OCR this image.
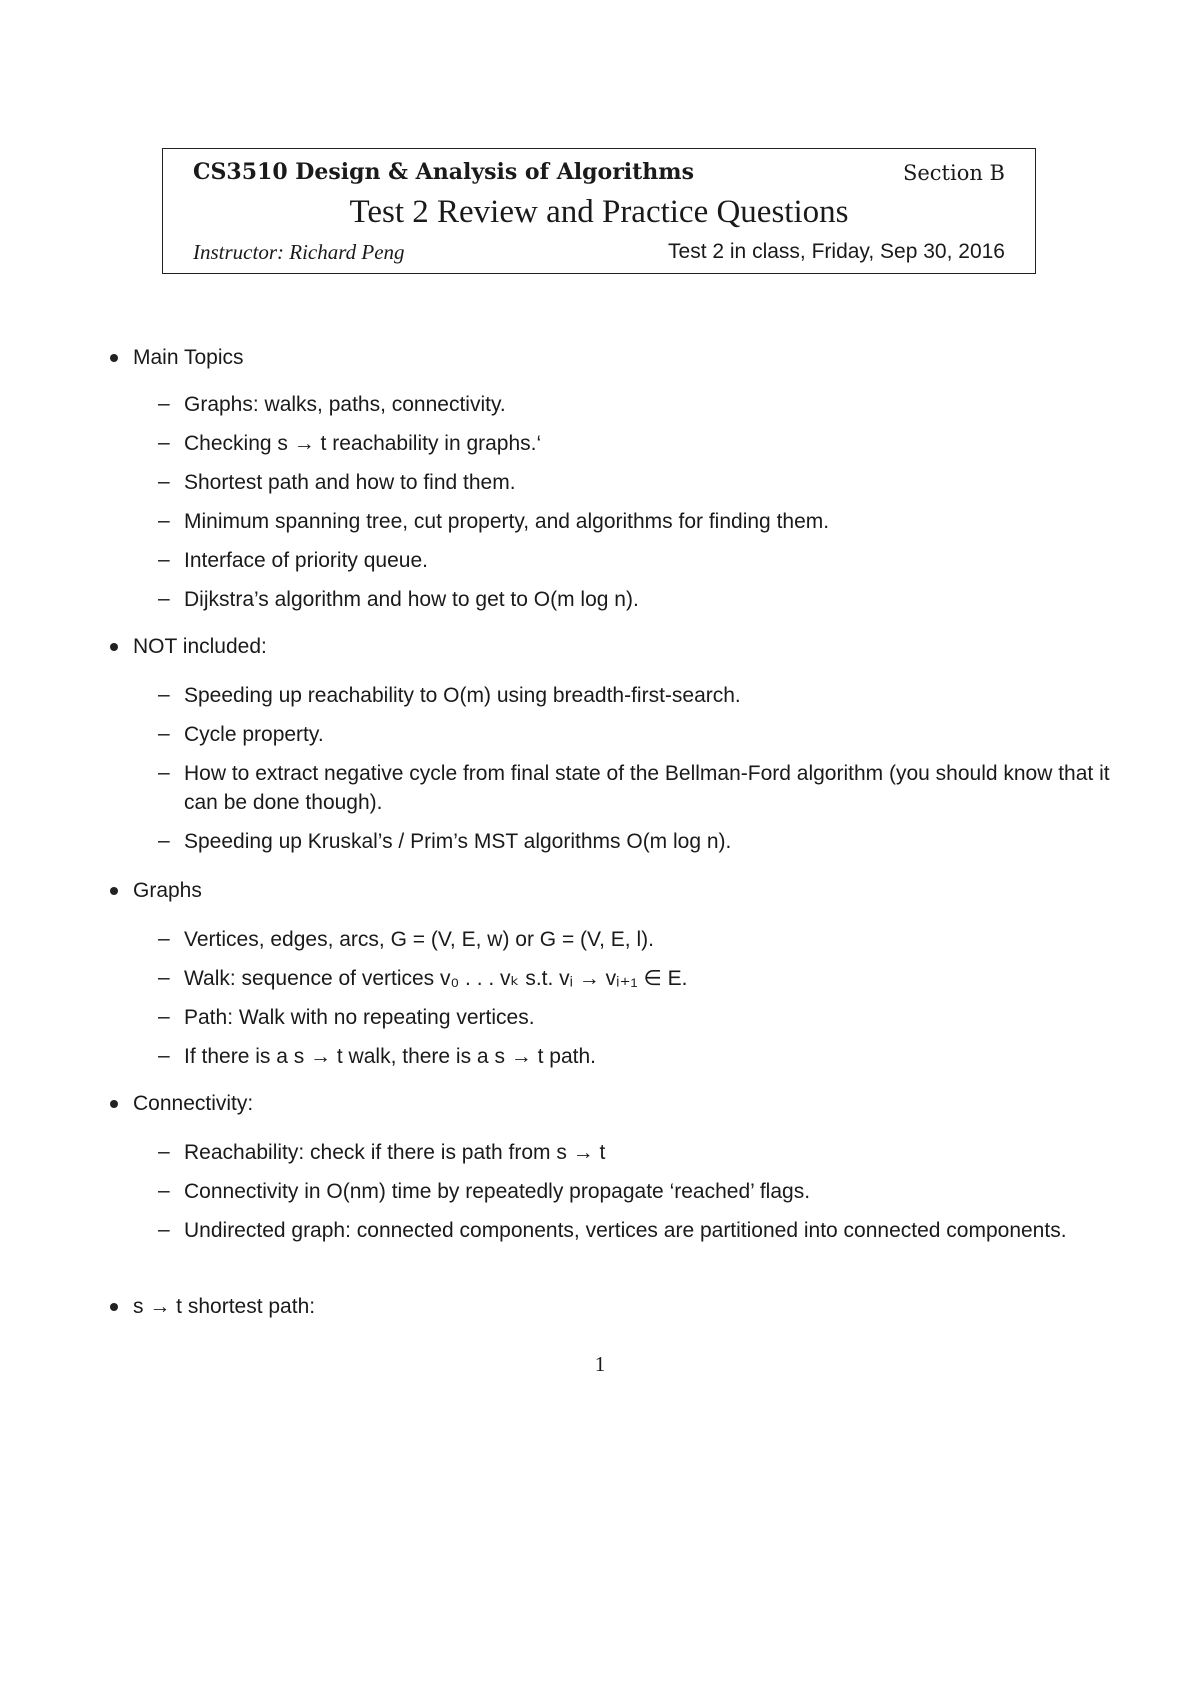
CS3510 Design & Analysis of Algorithms	Section B
Test 2 Review and Practice Questions
Instructor: Richard Peng	Test 2 in class, Friday, Sep 30, 2016
Main Topics
– Graphs: walks, paths, connectivity.
– Checking s → t reachability in graphs.‘
– Shortest path and how to find them.
– Minimum spanning tree, cut property, and algorithms for finding them.
– Interface of priority queue.
– Dijkstra’s algorithm and how to get to O(m log n).
NOT included:
– Speeding up reachability to O(m) using breadth-first-search.
– Cycle property.
– How to extract negative cycle from final state of the Bellman-Ford algorithm (you should know that it can be done though).
– Speeding up Kruskal’s / Prim’s MST algorithms O(m log n).
Graphs
– Vertices, edges, arcs, G = (V, E, w) or G = (V, E, l).
– Walk: sequence of vertices v₀ . . . vₖ s.t. vᵢ → vᵢ₊₁ ∈ E.
– Path: Walk with no repeating vertices.
– If there is a s → t walk, there is a s → t path.
Connectivity:
– Reachability: check if there is path from s → t
– Connectivity in O(nm) time by repeatedly propagate ‘reached’ flags.
– Undirected graph: connected components, vertices are partitioned into connected components.
s → t shortest path:
1
